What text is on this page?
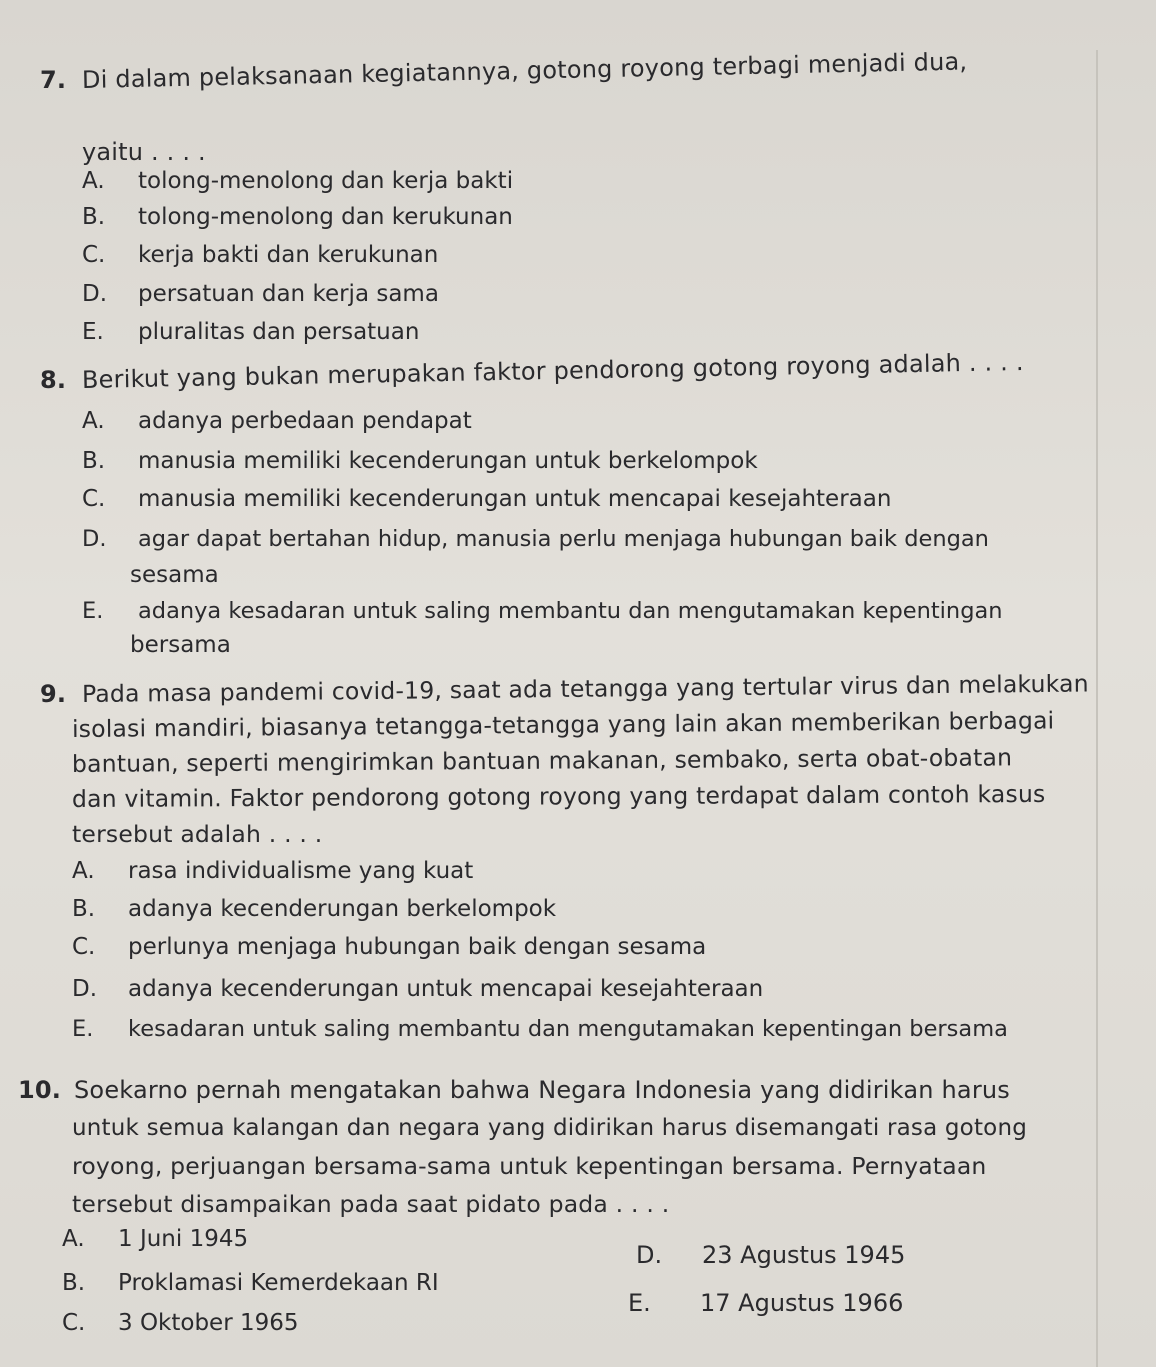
7. Di dalam pelaksanaan kegiatannya, gotong royong terbagi menjadi dua,
yaitu . . . .
A. tolong-menolong dan kerja bakti
B. tolong-menolong dan kerukunan
C. kerja bakti dan kerukunan
D. persatuan dan kerja sama
E. pluralitas dan persatuan
8. Berikut yang bukan merupakan faktor pendorong gotong royong adalah . . . .
A. adanya perbedaan pendapat
B. manusia memiliki kecenderungan untuk berkelompok
C. manusia memiliki kecenderungan untuk mencapai kesejahteraan
D. agar dapat bertahan hidup, manusia perlu menjaga hubungan baik dengan
sesama
E. adanya kesadaran untuk saling membantu dan mengutamakan kepentingan
bersama
9. Pada masa pandemi covid-19, saat ada tetangga yang tertular virus dan melakukan
isolasi mandiri, biasanya tetangga-tetangga yang lain akan memberikan berbagai
bantuan, seperti mengirimkan bantuan makanan, sembako, serta obat-obatan
dan vitamin. Faktor pendorong gotong royong yang terdapat dalam contoh kasus
tersebut adalah . . . .
A. rasa individualisme yang kuat
B. adanya kecenderungan berkelompok
C. perlunya menjaga hubungan baik dengan sesama
D. adanya kecenderungan untuk mencapai kesejahteraan
E. kesadaran untuk saling membantu dan mengutamakan kepentingan bersama
10. Soekarno pernah mengatakan bahwa Negara Indonesia yang didirikan harus
untuk semua kalangan dan negara yang didirikan harus disemangati rasa gotong
royong, perjuangan bersama-sama untuk kepentingan bersama. Pernyataan
tersebut disampaikan pada saat pidato pada . . . .
A. 1 Juni 1945
B. Proklamasi Kemerdekaan RI
C. 3 Oktober 1965
D. 23 Agustus 1945
E. 17 Agustus 1966
